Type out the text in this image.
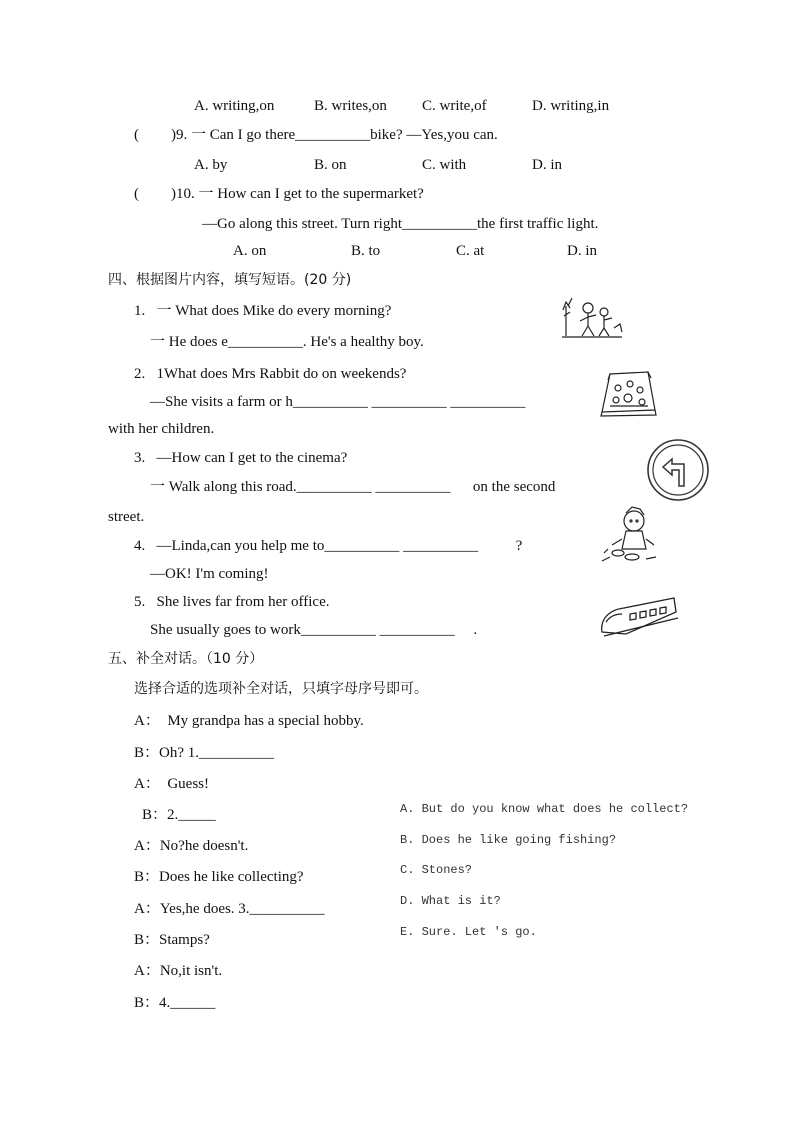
A. writing,on	B. writes,on C. write,of	D. writing,in
( ) 9. 一 Can I go there__________bike? —Yes,you can.
A. by	B. on	C. with	D. in
( ) 10. 一 How can I get to the supermarket?
—Go along this street. Turn right__________the first traffic light.
A. on	B. to	C. at	D. in
四、根据图片内容，填写短语。(20 分)
1.   一 What does Mike do every morning?
一 He does e__________. He's a healthy boy.
2.   1What does Mrs Rabbit do on weekends?
—She visits a farm or h__________ __________ __________
with her children.
3.   —How can I get to the cinema?
一 Walk along this road.__________ __________      on the second
street.
4.   —Linda,can you help me to__________ __________          ?
—OK! I'm coming!
5.   She lives far from her office.
She usually goes to work__________ __________     .
五、补全对话。（10 分）
选择合适的选项补全对话，只填字母序号即可。
A：  My grandpa has a special hobby.
B：Oh? 1.__________
A：  Guess!
B：2._____
A：No?he doesn't.
B：Does he like collecting?
A：Yes,he does. 3.__________
B：Stamps?
A：No,it isn't.
B：4.______
A. But do you know what does he collect?
B. Does he like going fishing?
C. Stones?
D. What is it?
E. Sure. Let 's go.
